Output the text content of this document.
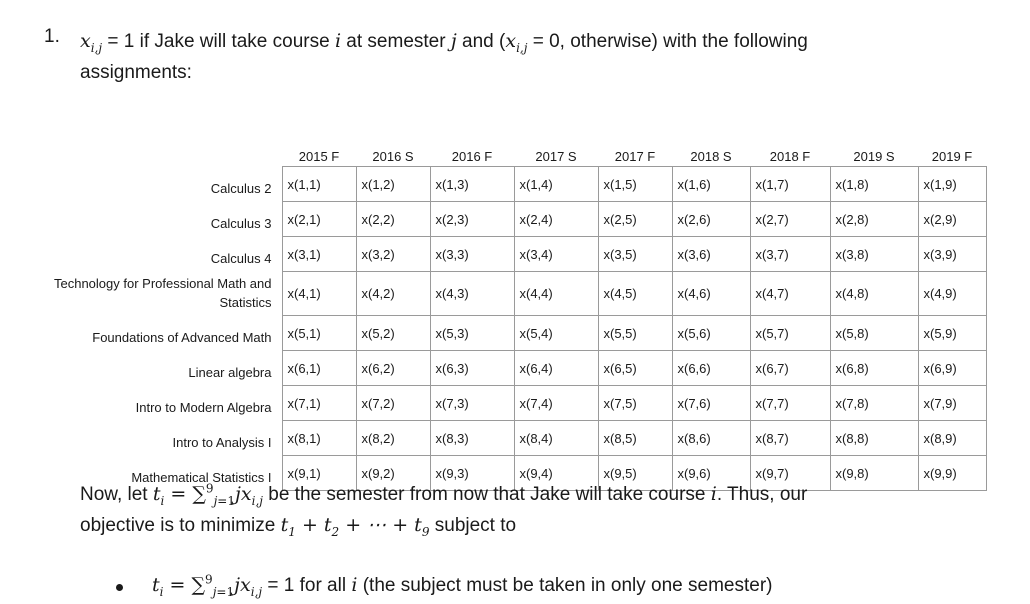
1. $x_{i,j} = 1$ if Jake will take course i at semester j and ($x_{i,j} = 0$, otherwise) with the following
assignments:
	2015 F	2016 S	2016 F	2017 S	2017 F	2018 S	2018 F	2019 S	2019 F
Calculus 2	x(1,1)	x(1,2)	x(1,3)	x(1,4)	x(1,5)	x(1,6)	x(1,7)	x(1,8)	x(1,9)
Calculus 3	x(2,1)	x(2,2)	x(2,3)	x(2,4)	x(2,5)	x(2,6)	x(2,7)	x(2,8)	x(2,9)
Calculus 4	x(3,1)	x(3,2)	x(3,3)	x(3,4)	x(3,5)	x(3,6)	x(3,7)	x(3,8)	x(3,9)
Technology for Professional Math and Statistics	x(4,1)	x(4,2)	x(4,3)	x(4,4)	x(4,5)	x(4,6)	x(4,7)	x(4,8)	x(4,9)
Foundations of Advanced Math	x(5,1)	x(5,2)	x(5,3)	x(5,4)	x(5,5)	x(5,6)	x(5,7)	x(5,8)	x(5,9)
Linear algebra	x(6,1)	x(6,2)	x(6,3)	x(6,4)	x(6,5)	x(6,6)	x(6,7)	x(6,8)	x(6,9)
Intro to Modern Algebra	x(7,1)	x(7,2)	x(7,3)	x(7,4)	x(7,5)	x(7,6)	x(7,7)	x(7,8)	x(7,9)
Intro to Analysis I	x(8,1)	x(8,2)	x(8,3)	x(8,4)	x(8,5)	x(8,6)	x(8,7)	x(8,8)	x(8,9)
Mathematical Statistics I	x(9,1)	x(9,2)	x(9,3)	x(9,4)	x(9,5)	x(9,6)	x(9,7)	x(9,8)	x(9,9)
Now, let $t_i = \sum^9_{j=1}jx_{i,j}$ be the semester from now that Jake will take course i. Thus, our
objective is to minimize $t_1 + t_2$ + ⋯ + $t_9$ subject to
$t_i = \sum^9_{j=1}jx_{i,j} = 1$ for all i (the subject must be taken in only one semester)
